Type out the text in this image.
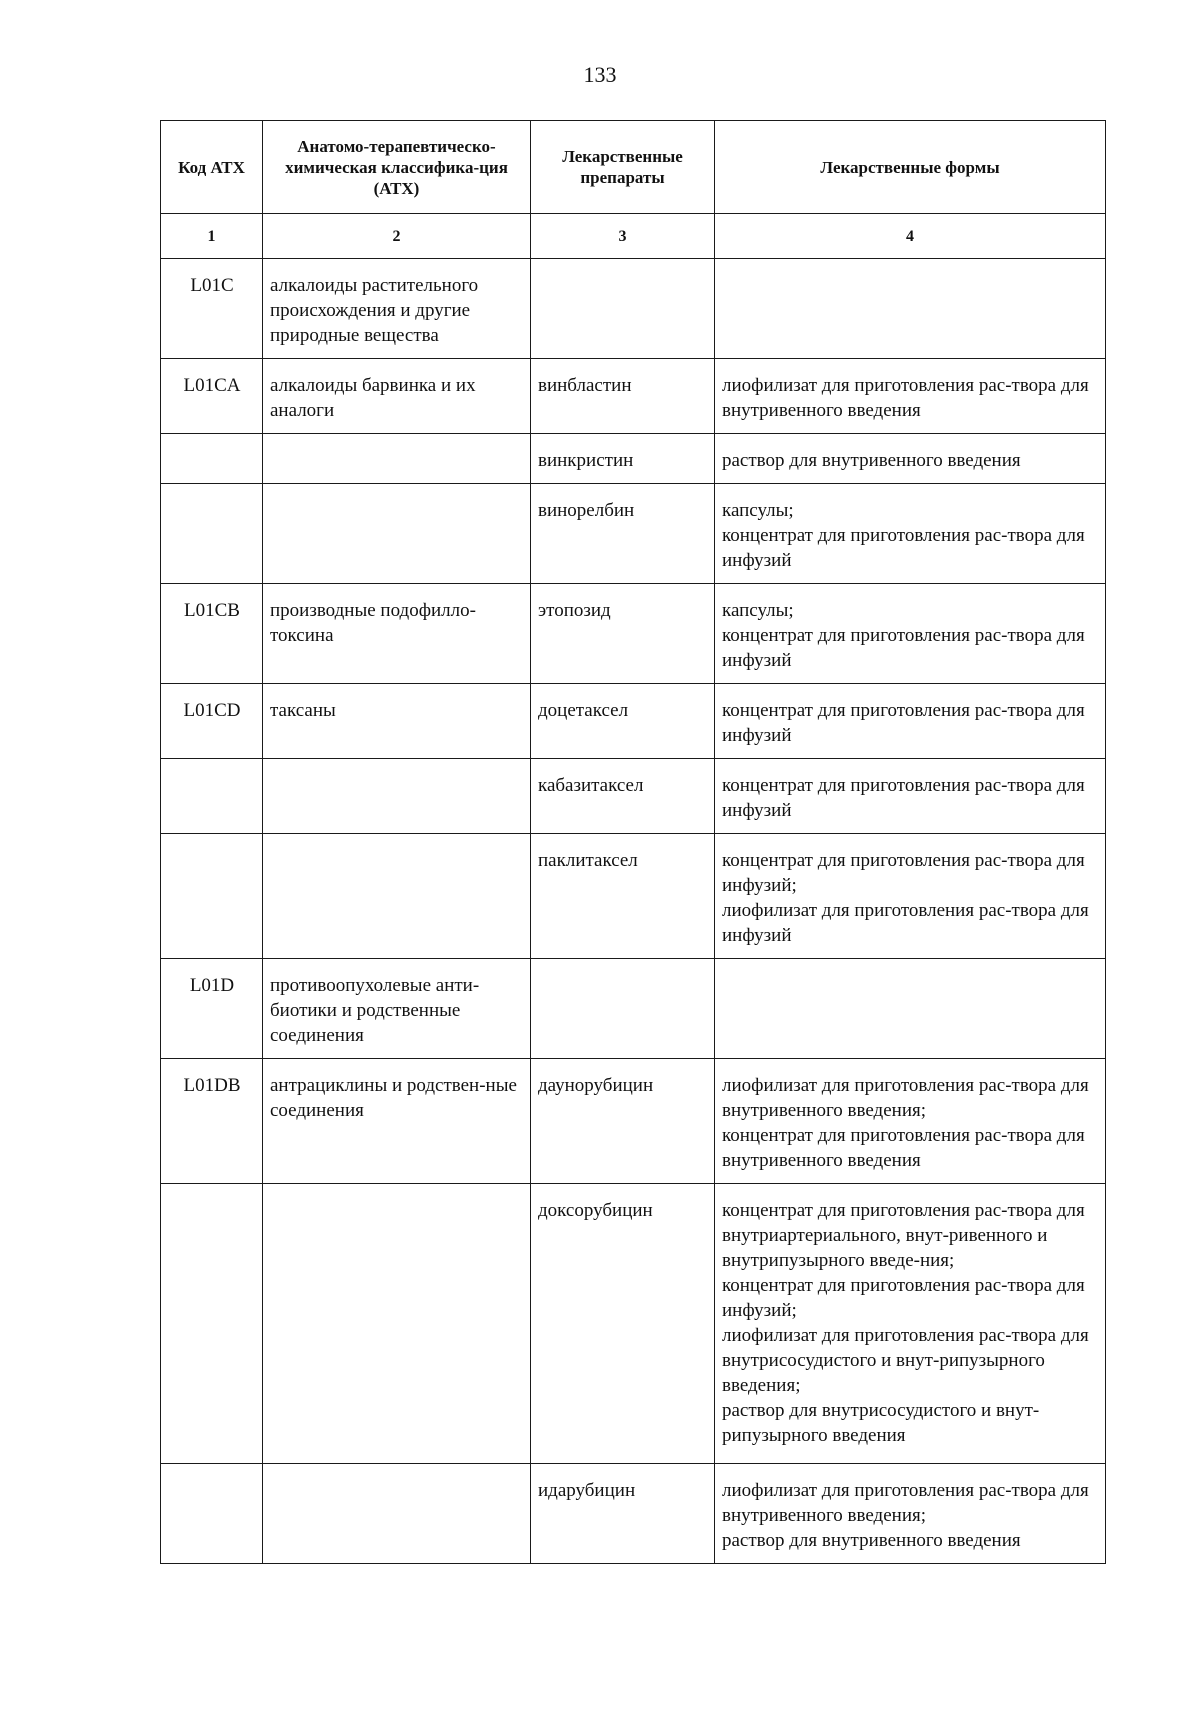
133
Код АТХ	Анатомо-терапевтическо-химическая классифика-ция (АТХ)	Лекарственные препараты	Лекарственные формы
1	2	3	4
L01C	алкалоиды растительного происхождения и другие природные вещества		
L01CA	алкалоиды барвинка и их аналоги	винбластин	лиофилизат для приготовления рас-твора для внутривенного введения

		винкристин	раствор для внутривенного введения

		винорелбин	капсулы;
концентрат для приготовления рас-твора для инфузий

L01CB	производные подофилло-токсина	этопозид	капсулы;
концентрат для приготовления рас-твора для инфузий

L01CD	таксаны	доцетаксел	концентрат для приготовления рас-твора для инфузий

		кабазитаксел	концентрат для приготовления рас-твора для инфузий

		паклитаксел	концентрат для приготовления рас-твора для инфузий;
лиофилизат для приготовления рас-твора для инфузий

L01D	противоопухолевые анти-биотики и родственные соединения		
L01DB	антрациклины и родствен-ные соединения	даунорубицин	лиофилизат для приготовления рас-твора для внутривенного введения;
концентрат для приготовления рас-твора для внутривенного введения

		доксорубицин	концентрат для приготовления рас-твора для внутриартериального, внут-ривенного и внутрипузырного введе-ния;
концентрат для приготовления рас-твора для инфузий;
лиофилизат для приготовления рас-твора для внутрисосудистого и внут-рипузырного введения;
раствор для внутрисосудистого и внут-рипузырного введения

		идарубицин	лиофилизат для приготовления рас-твора для внутривенного введения;
раствор для внутривенного введения
